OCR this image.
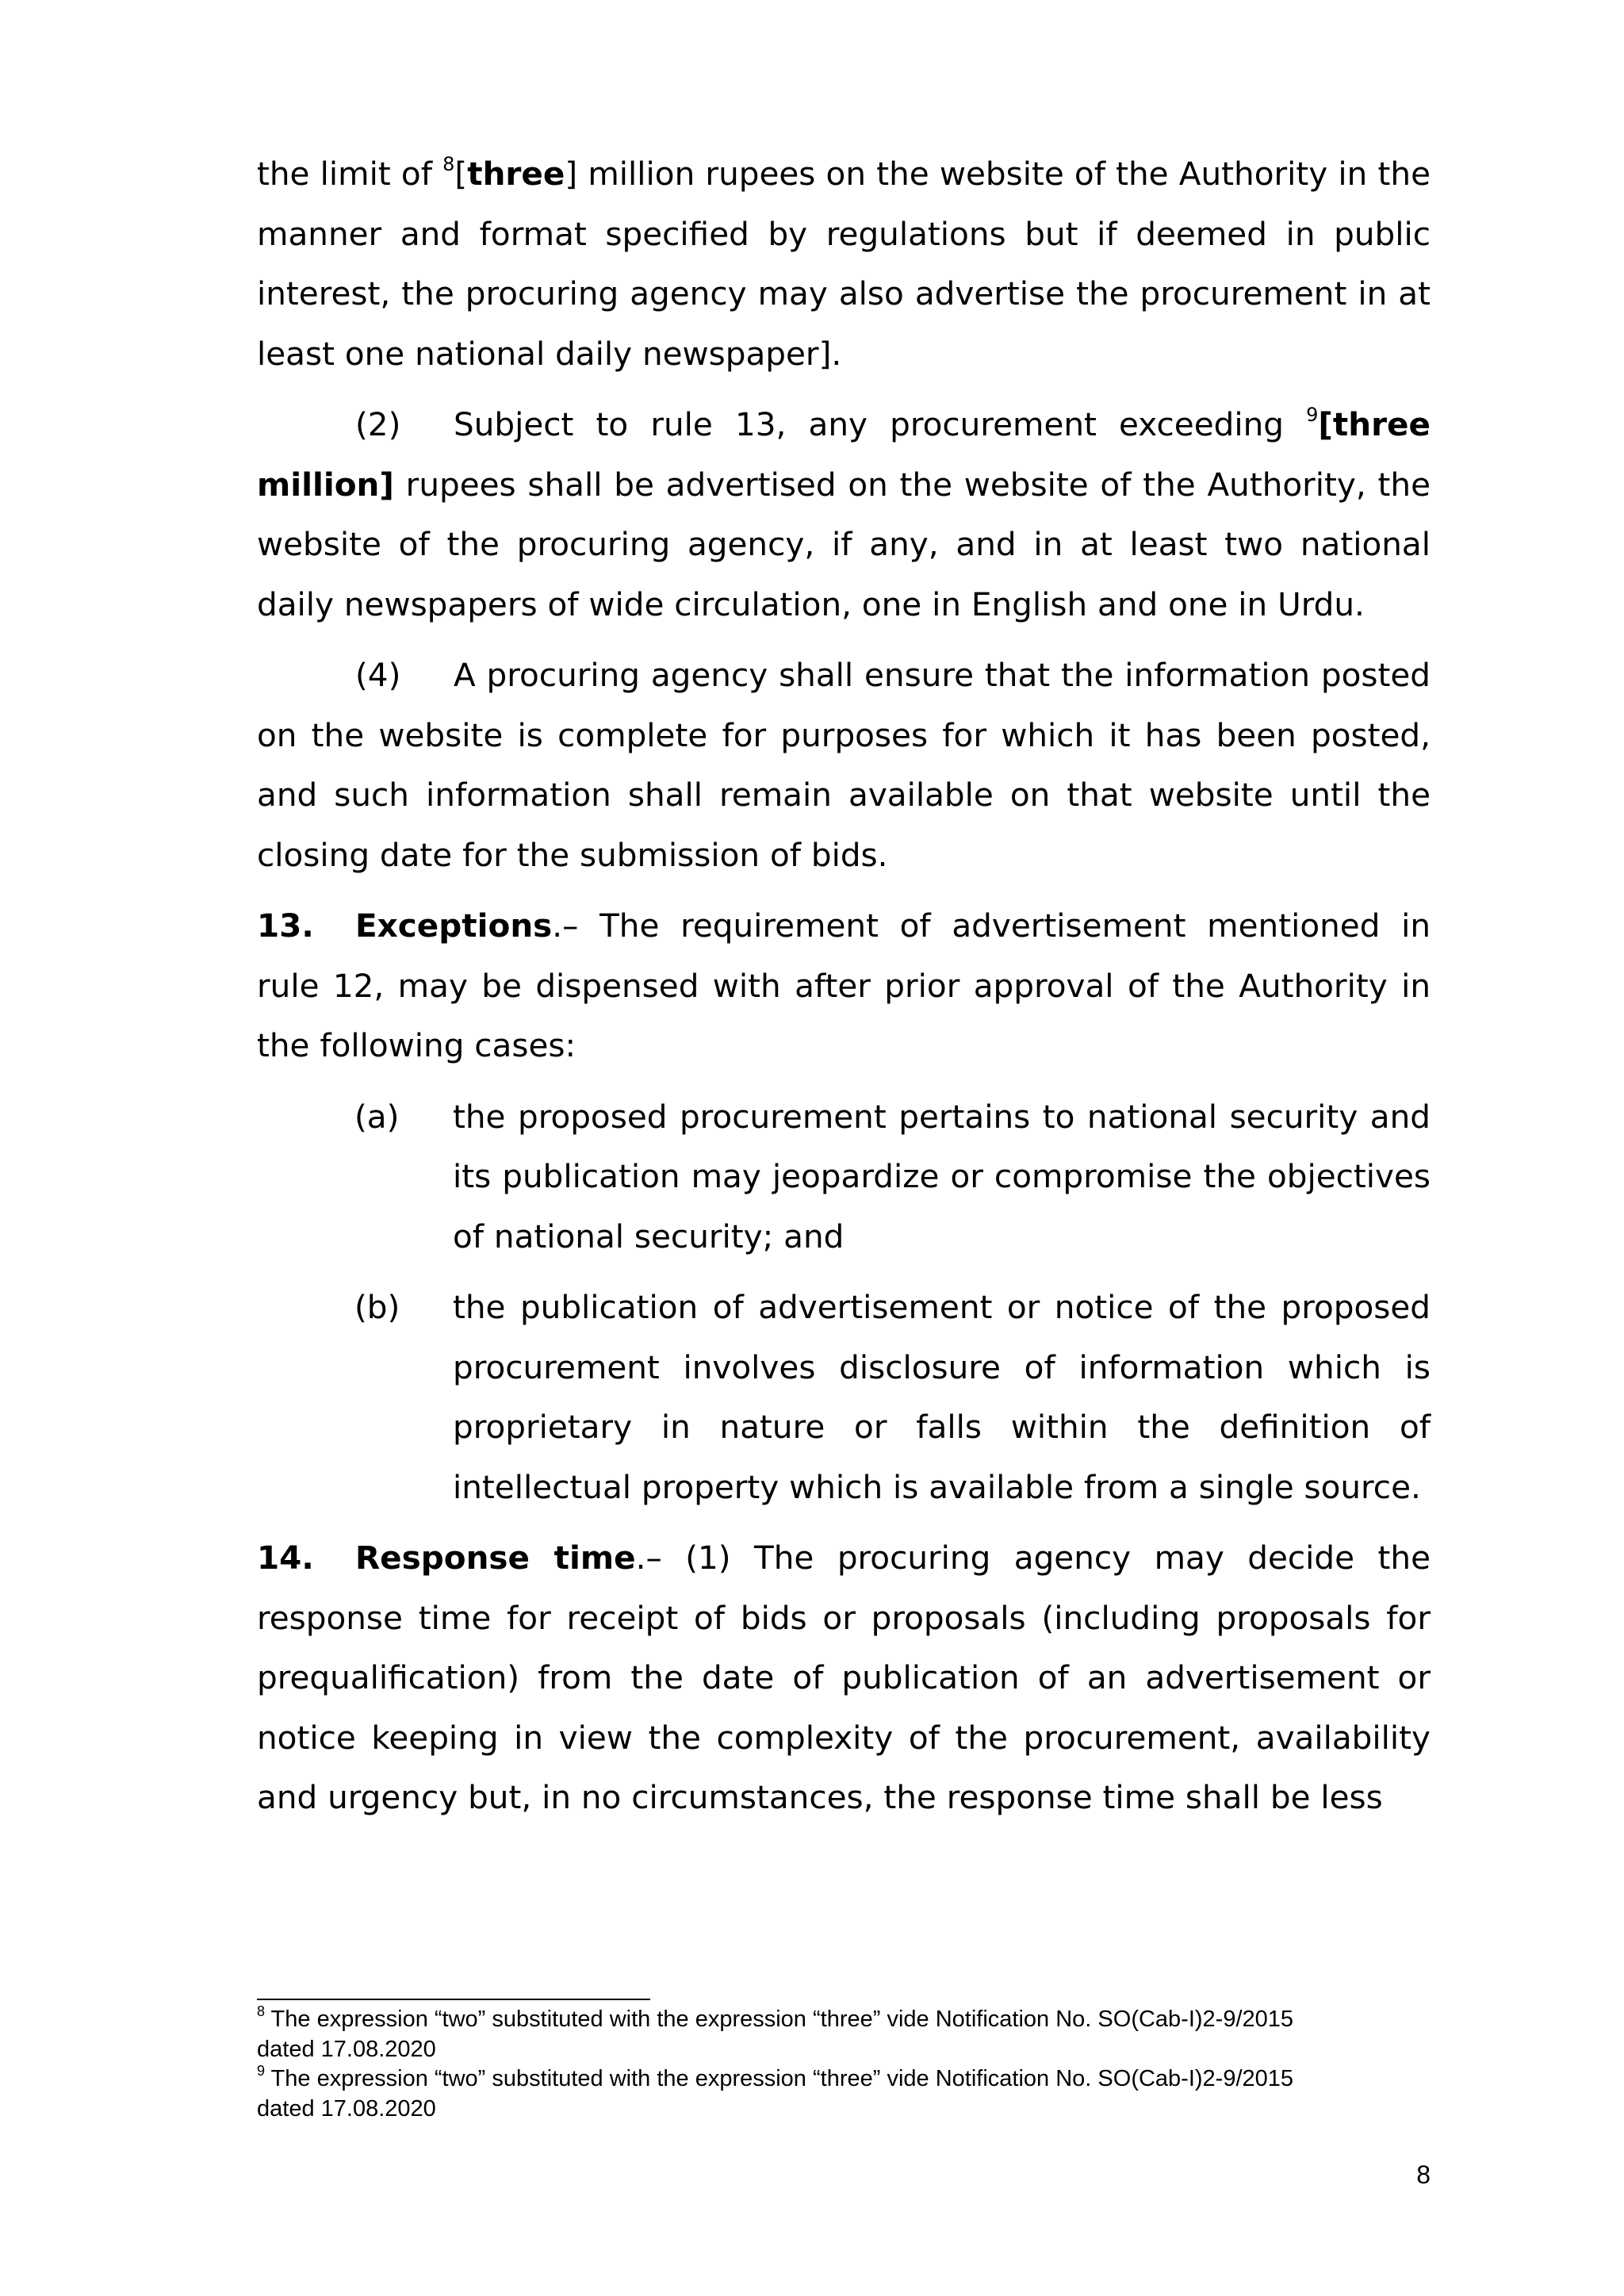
the limit of $^8$[three] million rupees on the website of the Authority in the manner and format specified by regulations but if deemed in public interest, the procuring agency may also advertise the procurement in at least one national daily newspaper].

(2) Subject to rule 13, any procurement exceeding $^9$[three million] rupees shall be advertised on the website of the Authority, the website of the procuring agency, if any, and in at least two national daily newspapers of wide circulation, one in English and one in Urdu.

(4) A procuring agency shall ensure that the information posted on the website is complete for purposes for which it has been posted, and such information shall remain available on that website until the closing date for the submission of bids.

13. Exceptions.– The requirement of advertisement mentioned in rule 12, may be dispensed with after prior approval of the Authority in the following cases:

(a) the proposed procurement pertains to national security and its publication may jeopardize or compromise the objectives of national security; and
(b) the publication of advertisement or notice of the proposed procurement involves disclosure of information which is proprietary in nature or falls within the definition of intellectual property which is available from a single source.

14. Response time.– (1) The procuring agency may decide the response time for receipt of bids or proposals (including proposals for prequalification) from the date of publication of an advertisement or notice keeping in view the complexity of the procurement, availability and urgency but, in no circumstances, the response time shall be less

$^8$ The expression “two” substituted with the expression “three” vide Notification No. SO(Cab-I)2-9/2015
dated 17.08.2020

$^9$ The expression “two” substituted with the expression “three” vide Notification No. SO(Cab-I)2-9/2015
dated 17.08.2020

8
